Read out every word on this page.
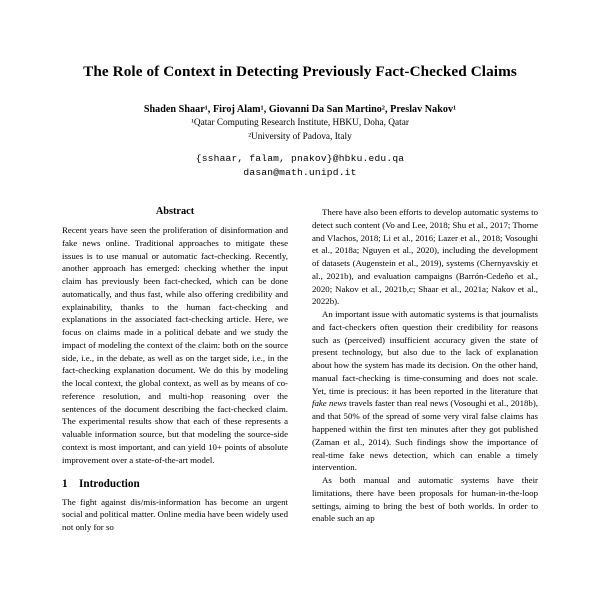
The Role of Context in Detecting Previously Fact-Checked Claims
Shaden Shaar¹, Firoj Alam¹, Giovanni Da San Martino², Preslav Nakov¹
¹Qatar Computing Research Institute, HBKU, Doha, Qatar
²University of Padova, Italy
{sshaar, falam, pnakov}@hbku.edu.qa
dasan@math.unipd.it
Abstract

Recent years have seen the proliferation of disinformation and fake news online. Traditional approaches to mitigate these issues is to use manual or automatic fact-checking. Recently, another approach has emerged: checking whether the input claim has previously been fact-checked, which can be done automatically, and thus fast, while also offering credibility and explainability, thanks to the human fact-checking and explanations in the associated fact-checking article. Here, we focus on claims made in a political debate and we study the impact of modeling the context of the claim: both on the source side, i.e., in the debate, as well as on the target side, i.e., in the fact-checking explanation document. We do this by modeling the local context, the global context, as well as by means of co-reference resolution, and multi-hop reasoning over the sentences of the document describing the fact-checked claim. The experimental results show that each of these represents a valuable information source, but that modeling the source-side context is most important, and can yield 10+ points of absolute improvement over a state-of-the-art model.

1 Introduction

The fight against dis/mis-information has become an urgent social and political matter. Online media have been widely used not only for so

There have also been efforts to develop automatic systems to detect such content (Vo and Lee, 2018; Shu et al., 2017; Thorne and Vlachos, 2018; Li et al., 2016; Lazer et al., 2018; Vosoughi et al., 2018a; Nguyen et al., 2020), including the development of datasets (Augenstein et al., 2019), systems (Chernyavskiy et al., 2021b), and evaluation campaigns (Barrón-Cedeño et al., 2020; Nakov et al., 2021b,c; Shaar et al., 2021a; Nakov et al., 2022b).

An important issue with automatic systems is that journalists and fact-checkers often question their credibility for reasons such as (perceived) insufficient accuracy given the state of present technology, but also due to the lack of explanation about how the system has made its decision. On the other hand, manual fact-checking is time-consuming and does not scale. Yet, time is precious: it has been reported in the literature that fake news travels faster than real news (Vosoughi et al., 2018b), and that 50% of the spread of some very viral false claims has happened within the first ten minutes after they got published (Zaman et al., 2014). Such findings show the importance of real-time fake news detection, which can enable a timely intervention.

As both manual and automatic systems have their limitations, there have been proposals for human-in-the-loop settings, aiming to bring the best of both worlds. In order to enable such an ap
